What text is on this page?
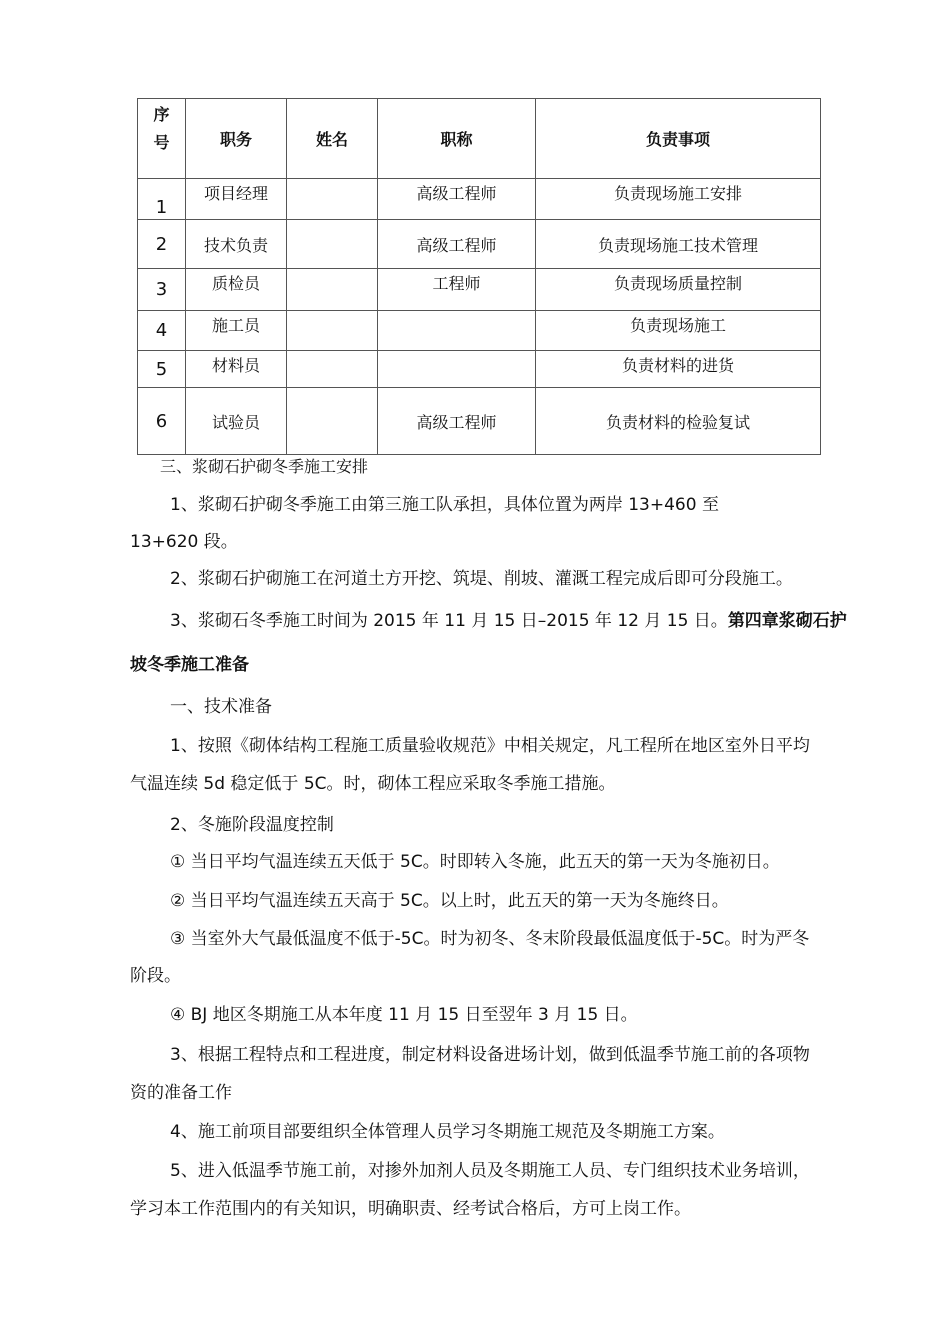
序
号	职务	姓名	职称	负责事项
1	项目经理		高级工程师	负责现场施工安排
2	技术负责		高级工程师	负责现场施工技术管理
3	质检员		工程师	负责现场质量控制
4	施工员			负责现场施工
5	材料员			负责材料的进货
6	试验员		高级工程师	负责材料的检验复试
三、浆砌石护砌冬季施工安排
1、浆砌石护砌冬季施工由第三施工队承担，具体位置为两岸 13+460 至
13+620 段。
2、浆砌石护砌施工在河道土方开挖、筑堤、削坡、灌溉工程完成后即可分段施工。
3、浆砌石冬季施工时间为 2015 年 11 月 15 日–2015 年 12 月 15 日。第四章浆砌石护
坡冬季施工准备
一、技术准备
1、按照《砌体结构工程施工质量验收规范》中相关规定，凡工程所在地区室外日平均
气温连续 5d 稳定低于 5C。时，砌体工程应采取冬季施工措施。
2、冬施阶段温度控制
① 当日平均气温连续五天低于 5C。时即转入冬施，此五天的第一天为冬施初日。
② 当日平均气温连续五天高于 5C。以上时，此五天的第一天为冬施终日。
③ 当室外大气最低温度不低于-5C。时为初冬、冬末阶段最低温度低于-5C。时为严冬
阶段。
④ BJ 地区冬期施工从本年度 11 月 15 日至翌年 3 月 15 日。
3、根据工程特点和工程进度，制定材料设备进场计划，做到低温季节施工前的各项物
资的准备工作
4、施工前项目部要组织全体管理人员学习冬期施工规范及冬期施工方案。
5、进入低温季节施工前，对掺外加剂人员及冬期施工人员、专门组织技术业务培训，
学习本工作范围内的有关知识，明确职责、经考试合格后，方可上岗工作。
